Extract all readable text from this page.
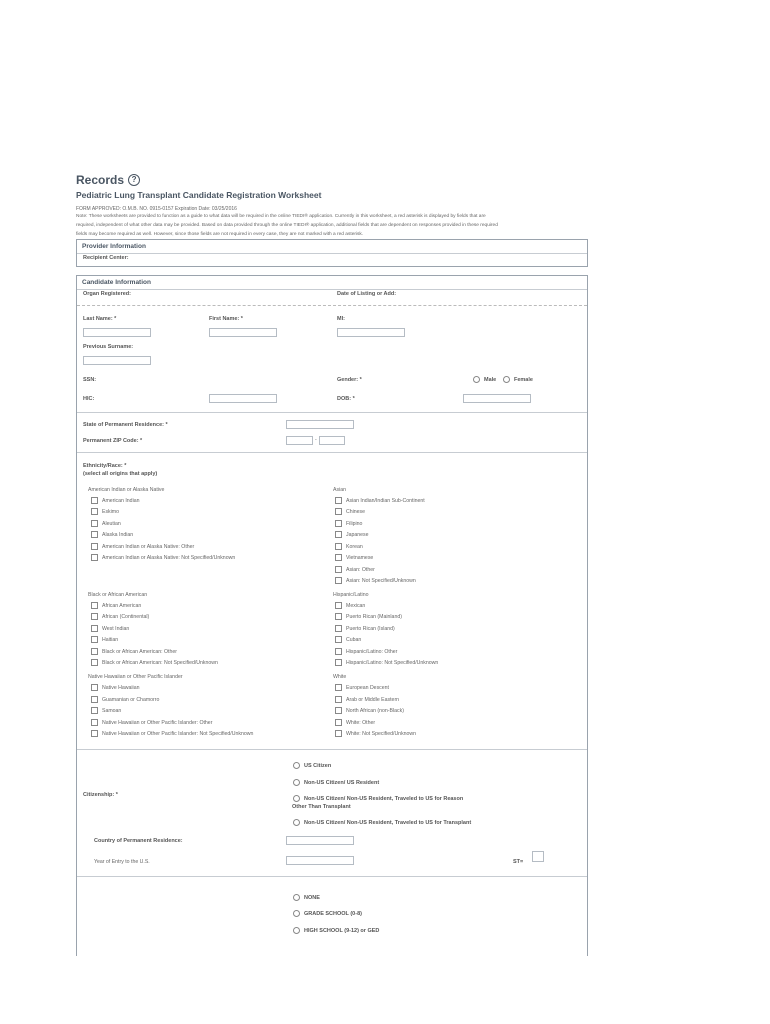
Records ?
Pediatric Lung Transplant Candidate Registration Worksheet
FORM APPROVED: O.M.B. NO. 0915-0157 Expiration Date: 03/25/2016
Note: These worksheets are provided to function as a guide to what data will be required in the online TIEDI® application. Currently in this worksheet, a red asterisk is displayed by fields that are
required, independent of what other data may be provided. Based on data provided through the online TIEDI® application, additional fields that are dependent on responses provided in these required
fields may become required as well. However, since those fields are not required in every case, they are not marked with a red asterisk.
Provider Information
Recipient Center:
Candidate Information
Organ Registered:	Date of Listing or Add:
Last Name: *	First Name: *	MI:
Previous Surname:
SSN:	Gender: *	Male	Female
HIC:	DOB: *
State of Permanent Residence: *
Permanent ZIP Code: *	-
Ethnicity/Race: *
(select all origins that apply)
American Indian or Alaska Native
American Indian
Eskimo
Aleutian
Alaska Indian
American Indian or Alaska Native: Other
American Indian or Alaska Native: Not Specified/Unknown
Asian
Asian Indian/Indian Sub-Continent
Chinese
Filipino
Japanese
Korean
Vietnamese
Asian: Other
Asian: Not Specified/Unknown
Black or African American
African American
African (Continental)
West Indian
Haitian
Black or African American: Other
Black or African American: Not Specified/Unknown
Hispanic/Latino
Mexican
Puerto Rican (Mainland)
Puerto Rican (Island)
Cuban
Hispanic/Latino: Other
Hispanic/Latino: Not Specified/Unknown
Native Hawaiian or Other Pacific Islander
Native Hawaiian
Guamanian or Chamorro
Samoan
Native Hawaiian or Other Pacific Islander: Other
Native Hawaiian or Other Pacific Islander: Not Specified/Unknown
White
European Descent
Arab or Middle Eastern
North African (non-Black)
White: Other
White: Not Specified/Unknown
US Citizen
Non-US Citizen/ US Resident
Citizenship: *
Non-US Citizen/ Non-US Resident, Traveled to US for Reason
Other Than Transplant
Non-US Citizen/ Non-US Resident, Traveled to US for Transplant
Country of Permanent Residence:
Year of Entry to the U.S.	ST=
NONE
GRADE SCHOOL (0-8)
HIGH SCHOOL (9-12) or GED
